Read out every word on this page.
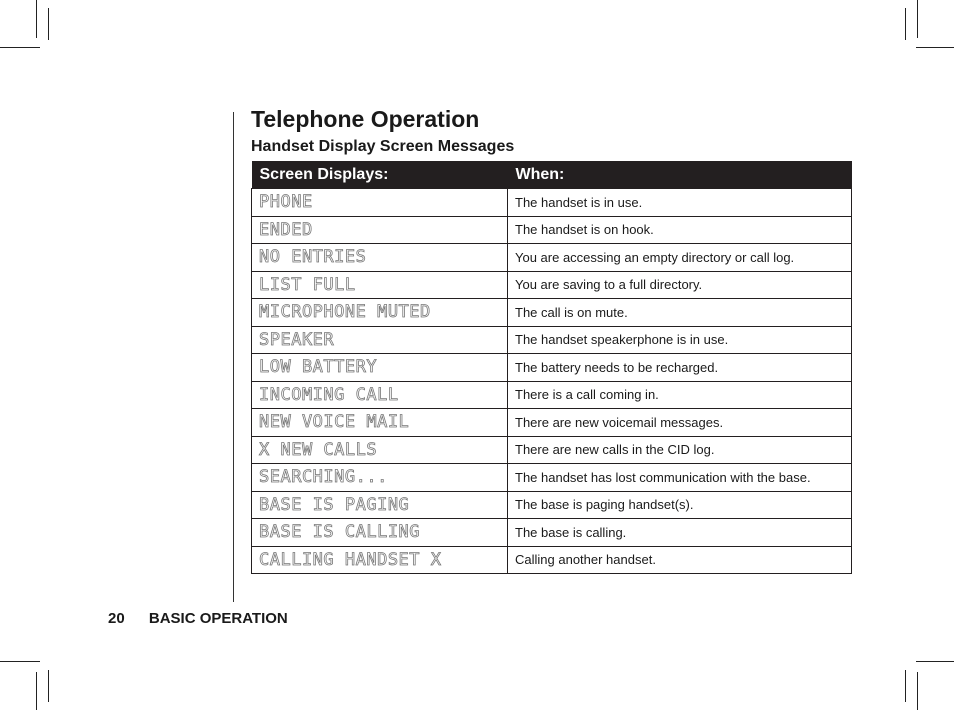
Telephone Operation
Handset Display Screen Messages
Screen Displays:	When:
PHONE	The handset is in use.
ENDED	The handset is on hook.
NO ENTRIES	You are accessing an empty directory or call log.
LIST FULL	You are saving to a full directory.
MICROPHONE MUTED	The call is on mute.
SPEAKER	The handset speakerphone is in use.
LOW BATTERY	The battery needs to be recharged.
INCOMING CALL	There is a call coming in.
NEW VOICE MAIL	There are new voicemail messages.
X NEW CALLS	There are new calls in the CID log.
SEARCHING...	The handset has lost communication with the base.
BASE IS PAGING	The base is paging handset(s).
BASE IS CALLING	The base is calling.
CALLING HANDSET X	Calling another handset.
20 BASIC OPERATION
